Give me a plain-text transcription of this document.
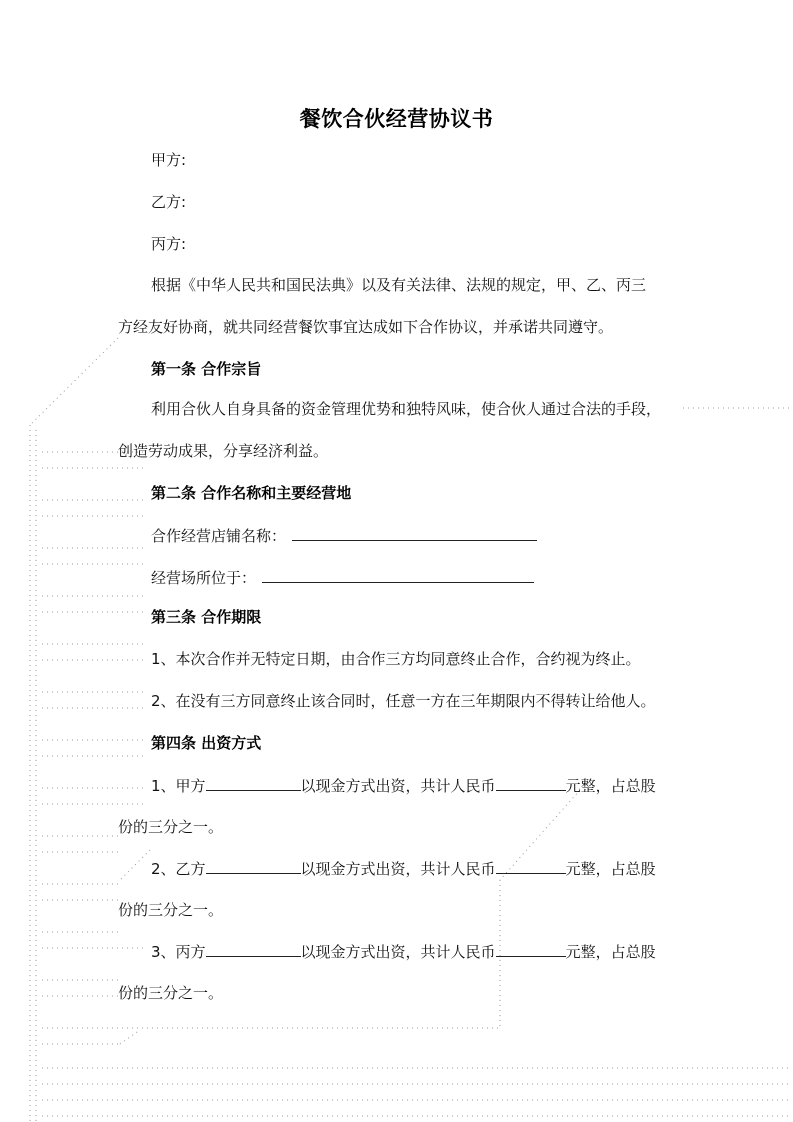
餐饮合伙经营协议书
甲方:
乙方:
丙方:
根据《中华人民共和国民法典》以及有关法律、法规的规定，甲、乙、丙三
方经友好协商，就共同经营餐饮事宜达成如下合作协议，并承诺共同遵守。
第一条 合作宗旨
利用合伙人自身具备的资金管理优势和独特风味，使合伙人通过合法的手段，
创造劳动成果，分享经济利益。
第二条 合作名称和主要经营地
合作经营店铺名称：
经营场所位于：
第三条 合作期限
1、本次合作并无特定日期，由合作三方均同意终止合作，合约视为终止。
2、在没有三方同意终止该合同时，任意一方在三年期限内不得转让给他人。
第四条 出资方式
1、甲方	以现金方式出资，共计人民币	元整，占总股
份的三分之一。
2、乙方	以现金方式出资，共计人民币	元整，占总股
份的三分之一。
3、丙方	以现金方式出资，共计人民币	元整，占总股
份的三分之一。
